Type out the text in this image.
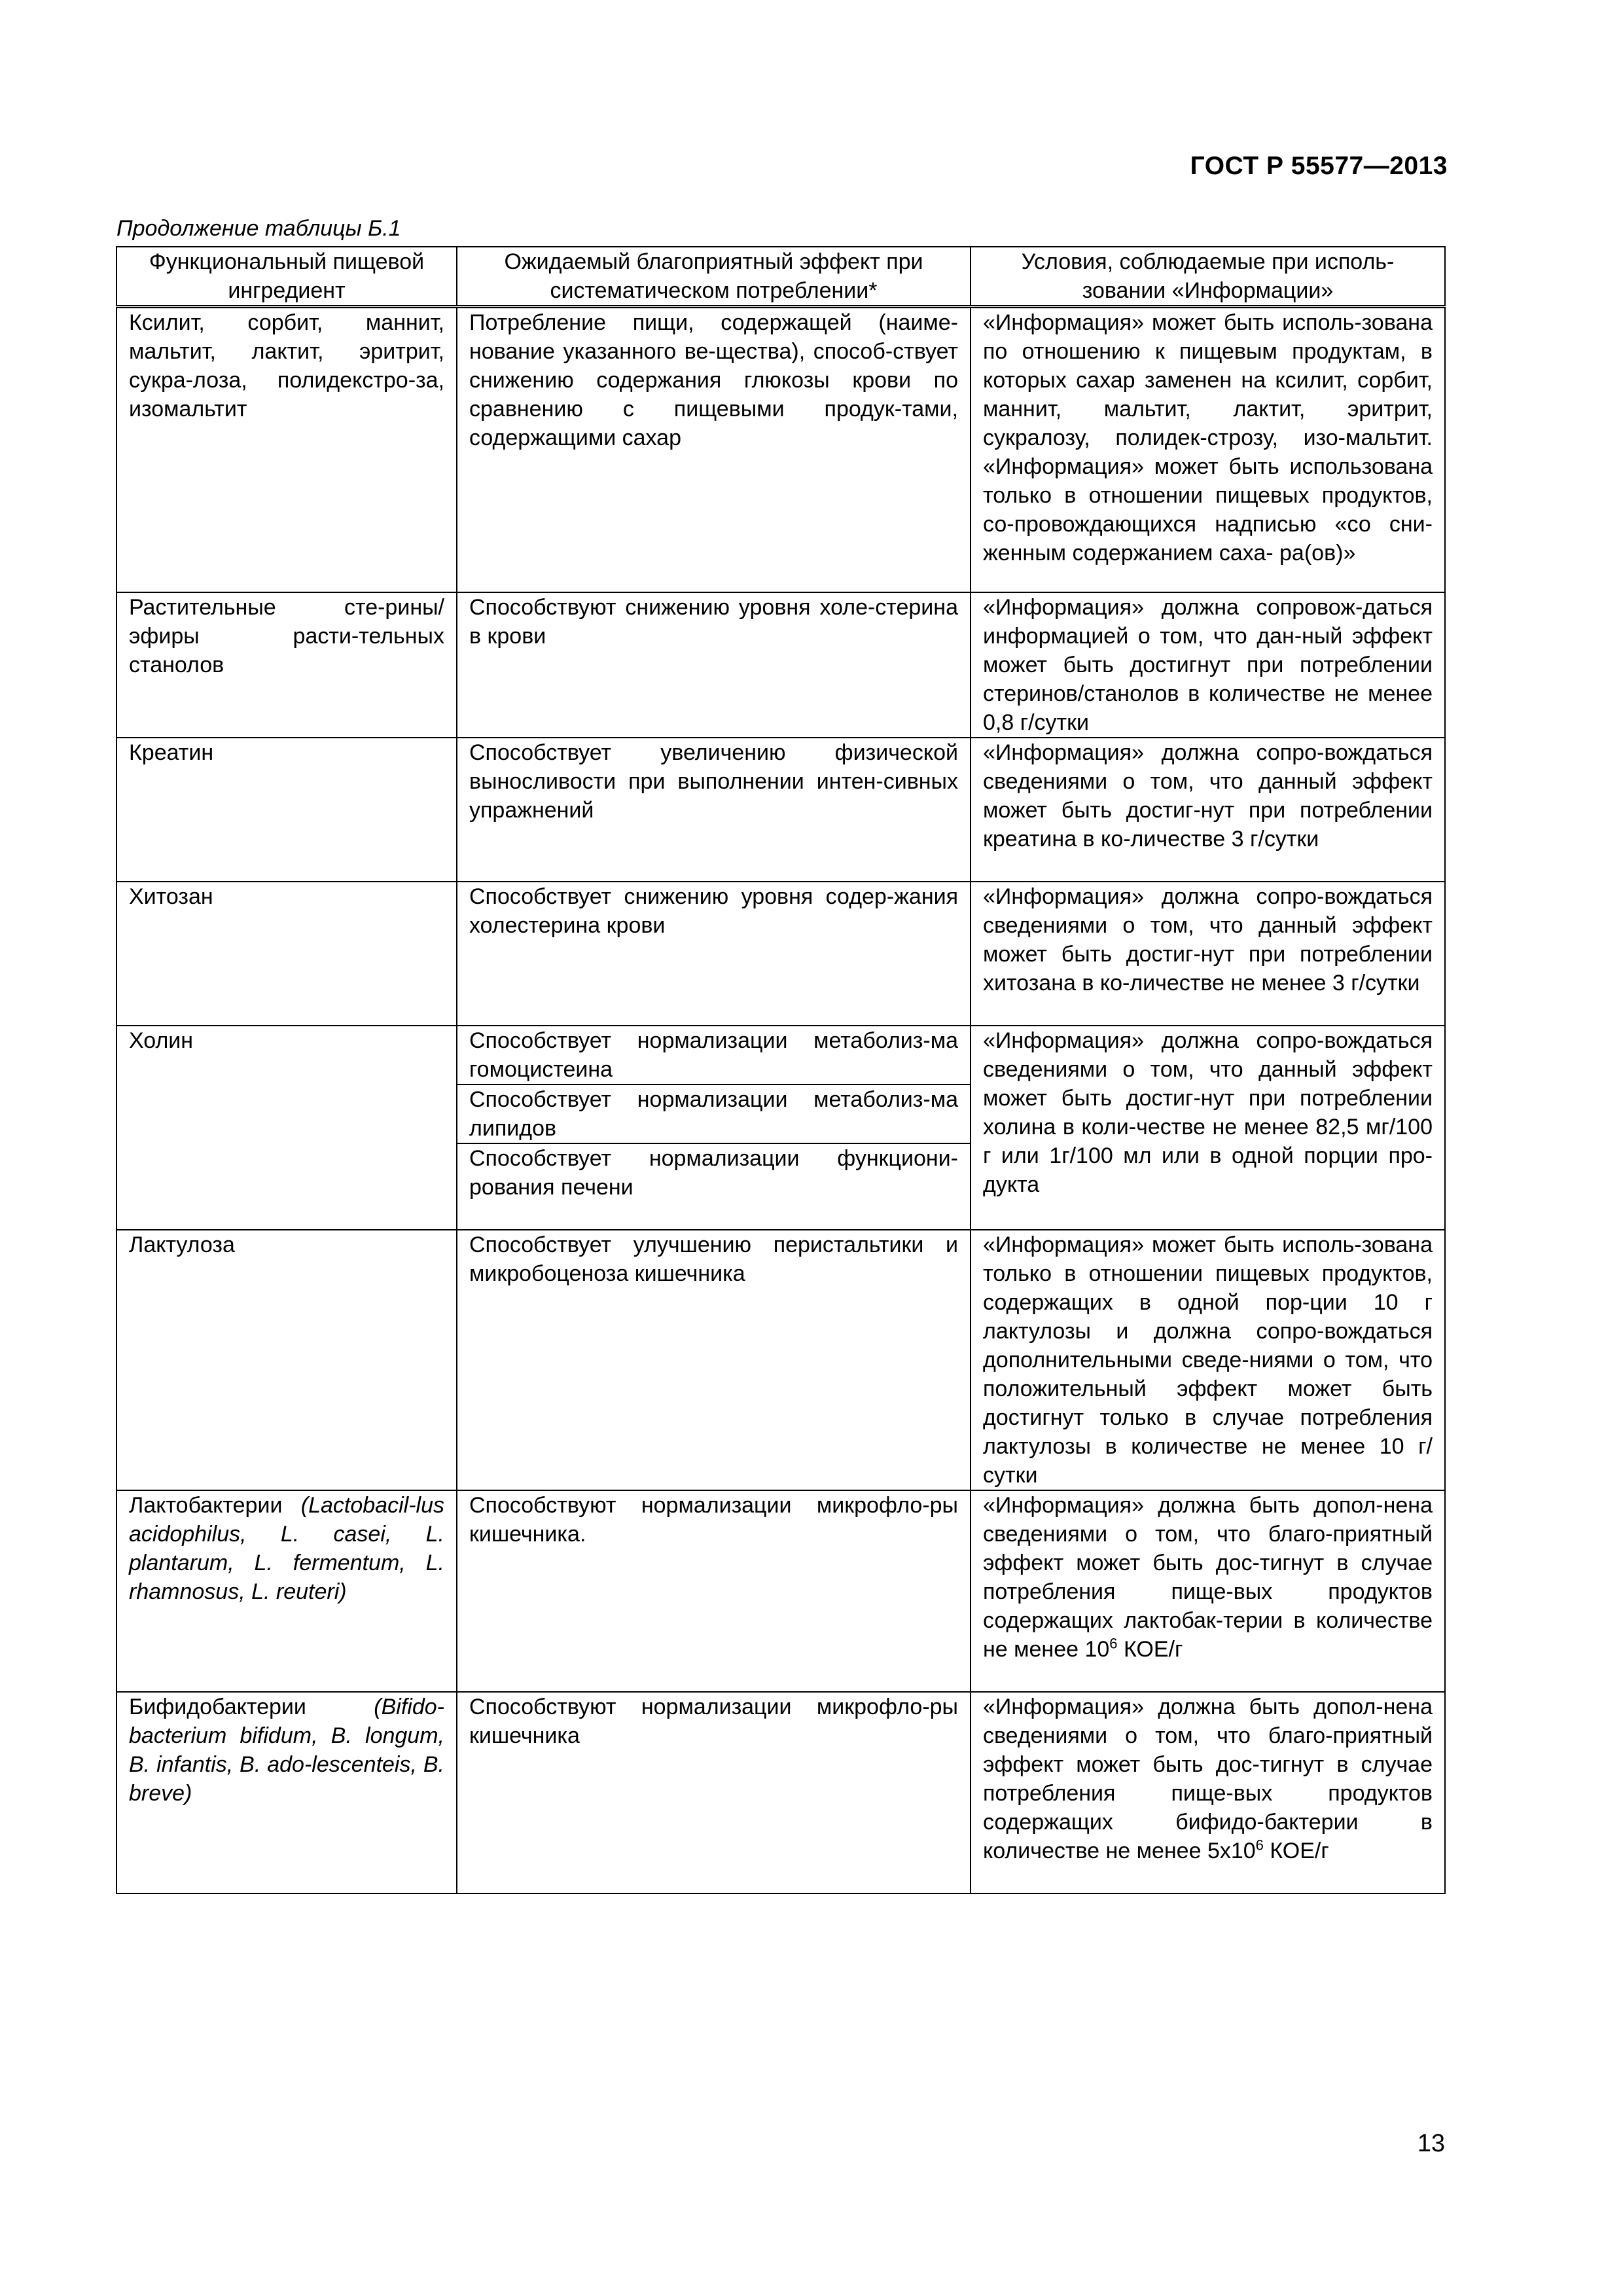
ГОСТ Р 55577—2013
Продолжение таблицы Б.1
Функциональный пищевой ингредиент	Ожидаемый благоприятный эффект при систематическом потреблении*	Условия, соблюдаемые при исполь-зовании «Информации»
Ксилит, сорбит, маннит, мальтит, лактит, эритрит, сукра-лоза, полидекстро-за, изомальтит	Потребление пищи, содержащей (наиме-нование указанного ве-щества), способ-ствует снижению содержания глюкозы крови по сравнению с пищевыми продук-тами, содержащими сахар	«Информация» может быть исполь-зована по отношению к пищевым продуктам, в которых сахар заменен на ксилит, сорбит, маннит, мальтит, лактит, эритрит, сукралозу, полидек-строзу, изо-мальтит. «Информация» может быть использована только в отношении пищевых продуктов, со-провождающихся надписью «со сни-женным содержанием саха- ра(ов)»
Растительные сте-рины/эфиры расти-тельных станолов	Способствуют снижению уровня холе-стерина в крови	«Информация» должна сопровож-даться информацией о том, что дан-ный эффект может быть достигнут при потреблении стеринов/станолов в количестве не менее 0,8 г/сутки
Креатин	Способствует увеличению физической выносливости при выполнении интен-сивных упражнений	«Информация» должна сопро-вождаться сведениями о том, что данный эффект может быть достиг-нут при потреблении креатина в ко-личестве 3 г/сутки
Хитозан	Способствует снижению уровня содер-жания холестерина крови	«Информация» должна сопро-вождаться сведениями о том, что данный эффект может быть достиг-нут при потреблении хитозана в ко-личестве не менее 3 г/сутки
Холин	Способствует нормализации метаболиз-ма гомоцистеина	«Информация» должна сопро-вождаться сведениями о том, что данный эффект может быть достиг-нут при потреблении холина в коли-честве не менее 82,5 мг/100 г или 1г/100 мл или в одной порции про-дукта
	Способствует нормализации метаболиз-ма липидов	
	Способствует нормализации функциони-рования печени	
Лактулоза	Способствует улучшению перистальтики и микробоценоза кишечника	«Информация» может быть исполь-зована только в отношении пищевых продуктов, содержащих в одной пор-ции 10 г лактулозы и должна сопро-вождаться дополнительными сведе-ниями о том, что положительный эффект может быть достигнут только в случае потребления лактулозы в количестве не менее 10 г/сутки
Лактобактерии (Lactobacil-lus acidophilus, L. casei, L. plantarum, L. fermentum, L. rhamnosus, L. reuteri)	Способствуют нормализации микрофло-ры кишечника.	«Информация» должна быть допол-нена сведениями о том, что благо-приятный эффект может быть дос-тигнут в случае потребления пище-вых продуктов содержащих лактобак-терии в количестве не менее $10^6$ КОЕ/г
Бифидобактерии (Bifido-bacterium bifidum, B. longum, B. infantis, B. ado-lescenteis, B. breve)	Способствуют нормализации микрофло-ры кишечника	«Информация» должна быть допол-нена сведениями о том, что благо-приятный эффект может быть дос-тигнут в случае потребления пище-вых продуктов содержащих бифидо-бактерии в количестве не менее $5х10^6$ КОЕ/г
13
